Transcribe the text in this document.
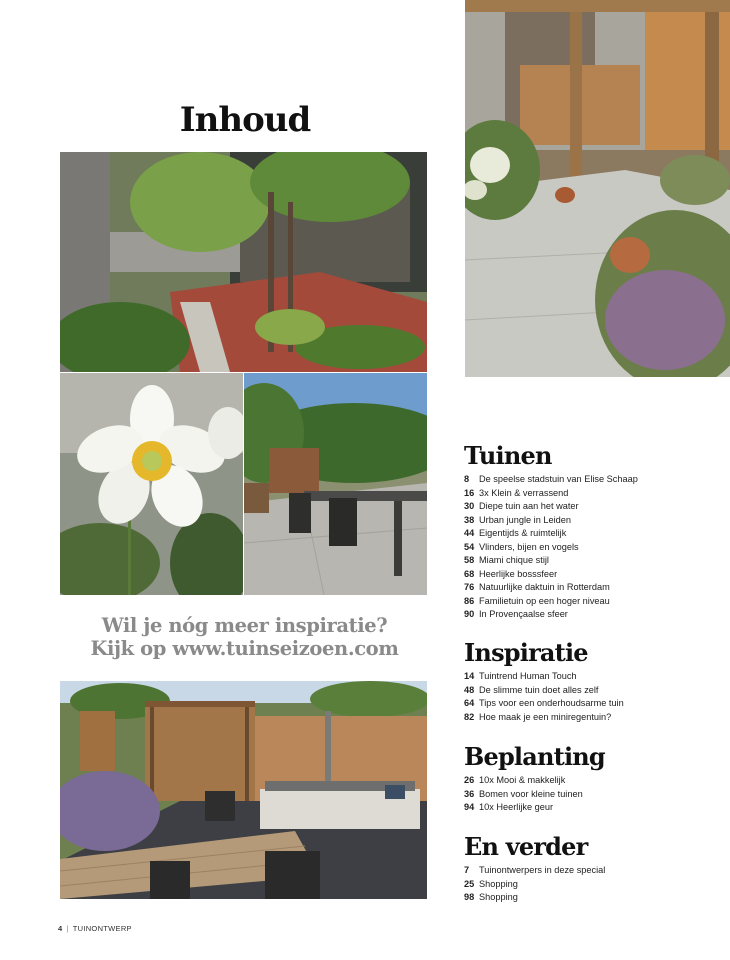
Inhoud
Wil je nóg meer inspiratie?
Kijk op www.tuinseizoen.com
Tuinen
8	De speelse stadstuin van Elise Schaap
16 3x Klein & verrassend
30 Diepe tuin aan het water
38 Urban jungle in Leiden
44 Eigentijds & ruimtelijk
54 Vlinders, bijen en vogels
58 Miami chique stijl
68 Heerlijke bosssfeer
76 Natuurlijke daktuin in Rotterdam
86 Familietuin op een hoger niveau
90 In Provençaalse sfeer
Inspiratie
14 Tuintrend Human Touch
48 De slimme tuin doet alles zelf
64 Tips voor een onderhoudsarme tuin
82 Hoe maak je een miniregentuin?
Beplanting
26 10x Mooi & makkelijk
36 Bomen voor kleine tuinen
94 10x Heerlijke geur
En verder
7	Tuinontwerpers in deze special
25 Shopping
98 Shopping
4 | TUINONTWERP
